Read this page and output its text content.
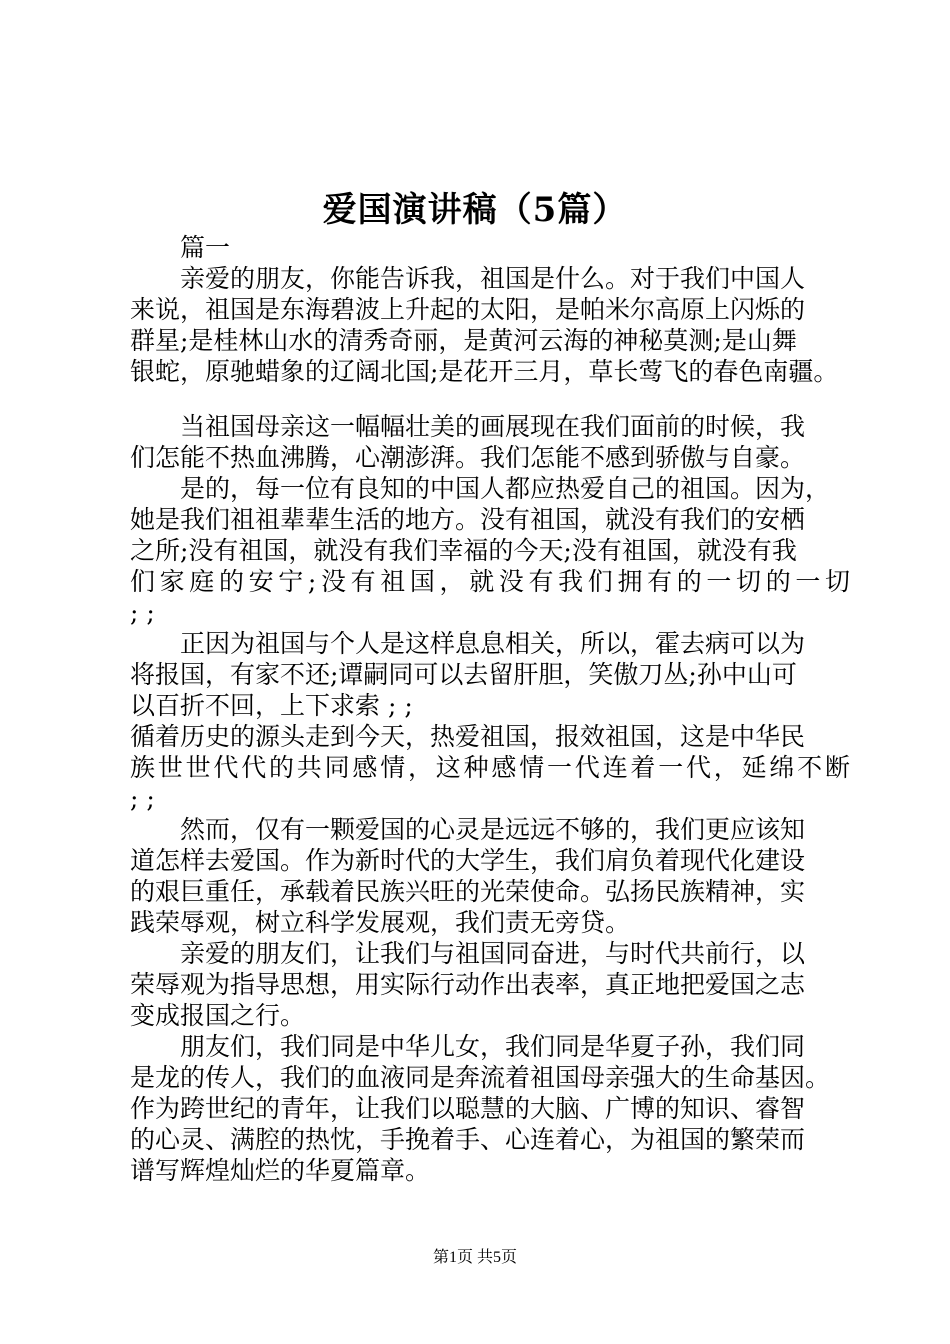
爱国演讲稿（5篇）
篇一
亲爱的朋友，你能告诉我，祖国是什么。对于我们中国人
来说，祖国是东海碧波上升起的太阳，是帕米尔高原上闪烁的
群星;是桂林山水的清秀奇丽，是黄河云海的神秘莫测;是山舞
银蛇，原驰蜡象的辽阔北国;是花开三月，草长莺飞的春色南疆。
当祖国母亲这一幅幅壮美的画展现在我们面前的时候，我
们怎能不热血沸腾，心潮澎湃。我们怎能不感到骄傲与自豪。
是的，每一位有良知的中国人都应热爱自己的祖国。因为，
她是我们祖祖辈辈生活的地方。没有祖国，就没有我们的安栖
之所;没有祖国，就没有我们幸福的今天;没有祖国，就没有我
们家庭的安宁;没有祖国，就没有我们拥有的一切的一切
; ;
正因为祖国与个人是这样息息相关，所以，霍去病可以为
将报国，有家不还;谭嗣同可以去留肝胆，笑傲刀丛;孙中山可
以百折不回，上下求索 ; ;
循着历史的源头走到今天，热爱祖国，报效祖国，这是中华民
族世世代代的共同感情，这种感情一代连着一代，延绵不断
; ;
然而，仅有一颗爱国的心灵是远远不够的，我们更应该知
道怎样去爱国。作为新时代的大学生，我们肩负着现代化建设
的艰巨重任，承载着民族兴旺的光荣使命。弘扬民族精神，实
践荣辱观，树立科学发展观，我们责无旁贷。
亲爱的朋友们，让我们与祖国同奋进，与时代共前行，以
荣辱观为指导思想，用实际行动作出表率，真正地把爱国之志
变成报国之行。
朋友们，我们同是中华儿女，我们同是华夏子孙，我们同
是龙的传人，我们的血液同是奔流着祖国母亲强大的生命基因。
作为跨世纪的青年，让我们以聪慧的大脑、广博的知识、睿智
的心灵、满腔的热忱，手挽着手、心连着心，为祖国的繁荣而
谱写辉煌灿烂的华夏篇章。
第1页 共5页
